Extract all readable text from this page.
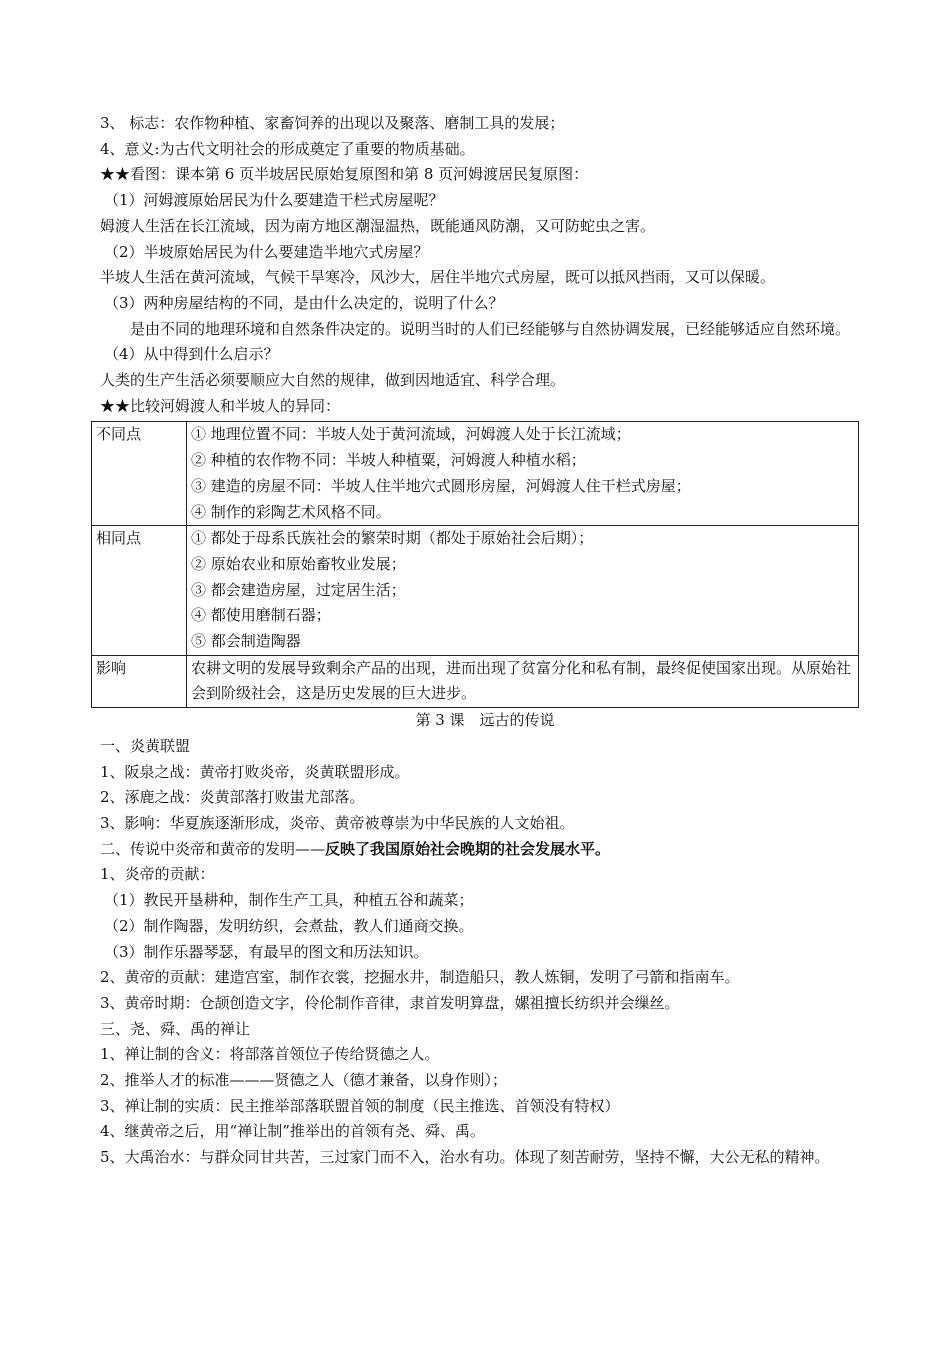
3、 标志：农作物种植、家畜饲养的出现以及聚落、磨制工具的发展；
4、意义:为古代文明社会的形成奠定了重要的物质基础。
★★看图：课本第 6 页半坡居民原始复原图和第 8 页河姆渡居民复原图：
（1）河姆渡原始居民为什么要建造干栏式房屋呢？
姆渡人生活在长江流域，因为南方地区潮湿温热，既能通风防潮，又可防蛇虫之害。
（2）半坡原始居民为什么要建造半地穴式房屋？
半坡人生活在黄河流域，气候干旱寒冷，风沙大，居住半地穴式房屋，既可以抵风挡雨，又可以保暖。
（3）两种房屋结构的不同，是由什么决定的，说明了什么？
是由不同的地理环境和自然条件决定的。说明当时的人们已经能够与自然协调发展，已经能够适应自然环境。
（4）从中得到什么启示？
人类的生产生活必须要顺应大自然的规律，做到因地适宜、科学合理。
★★比较河姆渡人和半坡人的异同：
不同点	① 地理位置不同：半坡人处于黄河流域，河姆渡人处于长江流域；
② 种植的农作物不同：半坡人种植粟，河姆渡人种植水稻；
③ 建造的房屋不同：半坡人住半地穴式圆形房屋，河姆渡人住干栏式房屋；
④ 制作的彩陶艺术风格不同。

相同点	① 都处于母系氏族社会的繁荣时期（都处于原始社会后期）；
② 原始农业和原始畜牧业发展；
③ 都会建造房屋，过定居生活；
④ 都使用磨制石器；
⑤ 都会制造陶器

影响	农耕文明的发展导致剩余产品的出现，进而出现了贫富分化和私有制，最终促使国家出现。从原始社会到阶级社会，这是历史发展的巨大进步。
第 3 课　远古的传说
一、炎黄联盟
1、阪泉之战：黄帝打败炎帝，炎黄联盟形成。
2、涿鹿之战：炎黄部落打败蚩尤部落。
3、影响：华夏族逐渐形成，炎帝、黄帝被尊崇为中华民族的人文始祖。
二、传说中炎帝和黄帝的发明——反映了我国原始社会晚期的社会发展水平。
1、炎帝的贡献：
（1）教民开垦耕种，制作生产工具，种植五谷和蔬菜；
（2）制作陶器，发明纺织，会煮盐，教人们通商交换。
（3）制作乐器琴瑟，有最早的图文和历法知识。
2、黄帝的贡献：建造宫室，制作衣裳，挖掘水井，制造船只，教人炼铜，发明了弓箭和指南车。
3、黄帝时期：仓颉创造文字，伶伦制作音律，隶首发明算盘，嫘祖擅长纺织并会缫丝。
三、尧、舜、禹的禅让
1、禅让制的含义：将部落首领位子传给贤德之人。
2、推举人才的标准———贤德之人（德才兼备，以身作则）；
3、禅让制的实质：民主推举部落联盟首领的制度（民主推选、首领没有特权）
4、继黄帝之后，用“禅让制”推举出的首领有尧、舜、禹。
5、大禹治水：与群众同甘共苦，三过家门而不入，治水有功。体现了刻苦耐劳，坚持不懈，大公无私的精神。
